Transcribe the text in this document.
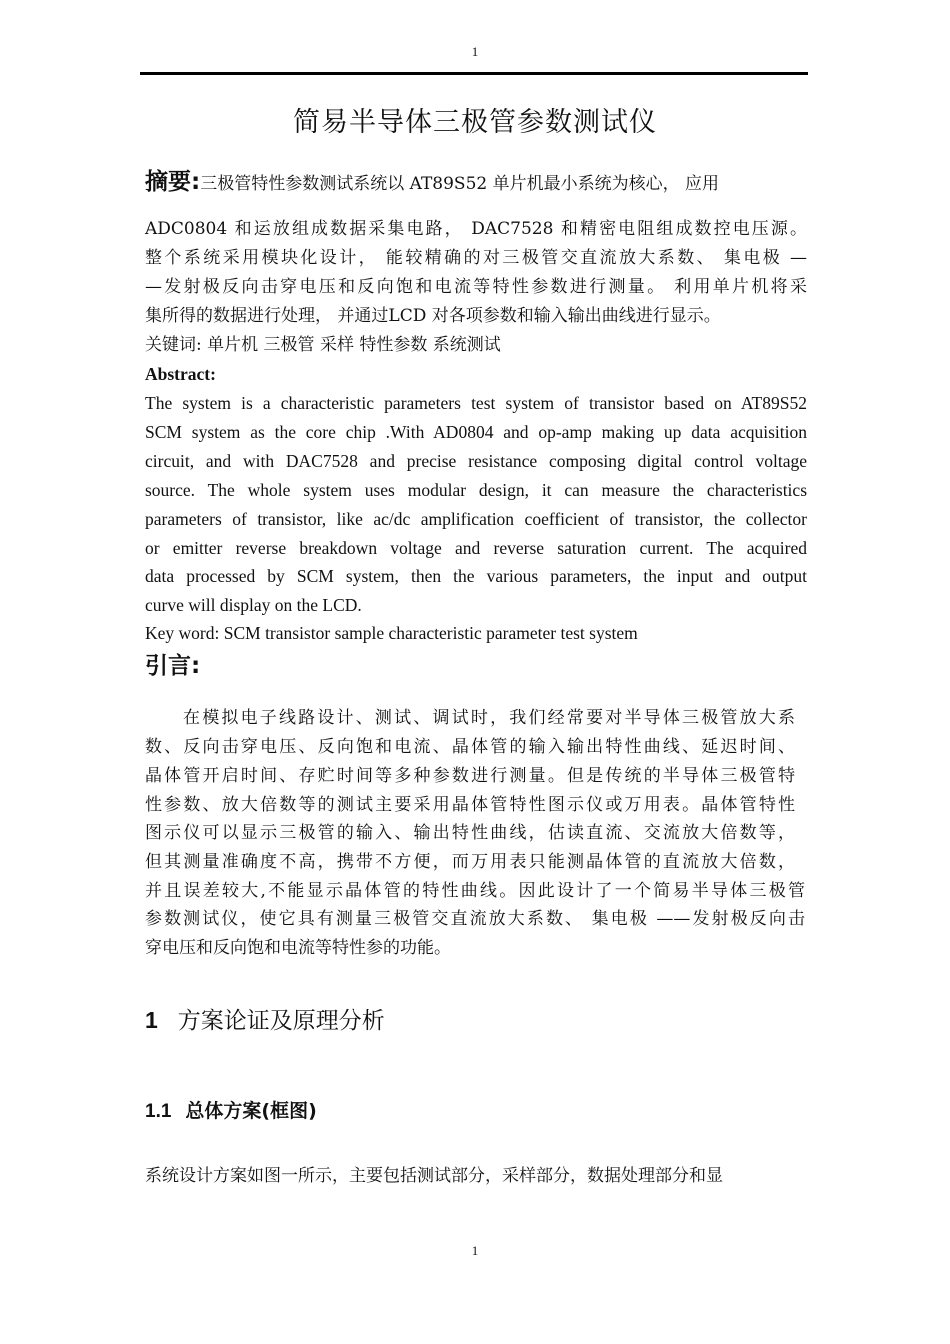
1
简易半导体三极管参数测试仪
摘要:三极管特性参数测试系统以 AT89S52 单片机最小系统为核心， 应用
ADC0804 和运放组成数据采集电路， DAC7528 和精密电阻组成数控电压源。
整个系统采用模块化设计， 能较精确的对三极管交直流放大系数、 集电极 —
—发射极反向击穿电压和反向饱和电流等特性参数进行测量。 利用单片机将采
集所得的数据进行处理， 并通过LCD 对各项参数和输入输出曲线进行显示。
关键词: 单片机 三极管 采样 特性参数 系统测试
Abstract:
The system is a characteristic parameters test system of transistor based on AT89S52
SCM system as the core chip .With AD0804 and op-amp making up data acquisition
circuit, and with DAC7528 and precise resistance composing digital control voltage
source. The whole system uses modular design, it can measure the characteristics
parameters of transistor, like ac/dc amplification coefficient of transistor, the collector
or emitter reverse breakdown voltage and reverse saturation current. The acquired
data processed by SCM system, then the various parameters, the input and output
curve will display on the LCD.
Key word: SCM transistor sample characteristic parameter test system
引言:
在模拟电子线路设计、测试、调试时，我们经常要对半导体三极管放大系
数、反向击穿电压、反向饱和电流、晶体管的输入输出特性曲线、延迟时间、
晶体管开启时间、存贮时间等多种参数进行测量。但是传统的半导体三极管特
性参数、放大倍数等的测试主要采用晶体管特性图示仪或万用表。晶体管特性
图示仪可以显示三极管的输入、输出特性曲线，估读直流、交流放大倍数等，
但其测量准确度不高，携带不方便，而万用表只能测晶体管的直流放大倍数，
并且误差较大,不能显示晶体管的特性曲线。因此设计了一个简易半导体三极管
参数测试仪，使它具有测量三极管交直流放大系数、 集电极 ——发射极反向击
穿电压和反向饱和电流等特性参的功能。
1 方案论证及原理分析
1.1 总体方案(框图)
系统设计方案如图一所示，主要包括测试部分，采样部分，数据处理部分和显
1
